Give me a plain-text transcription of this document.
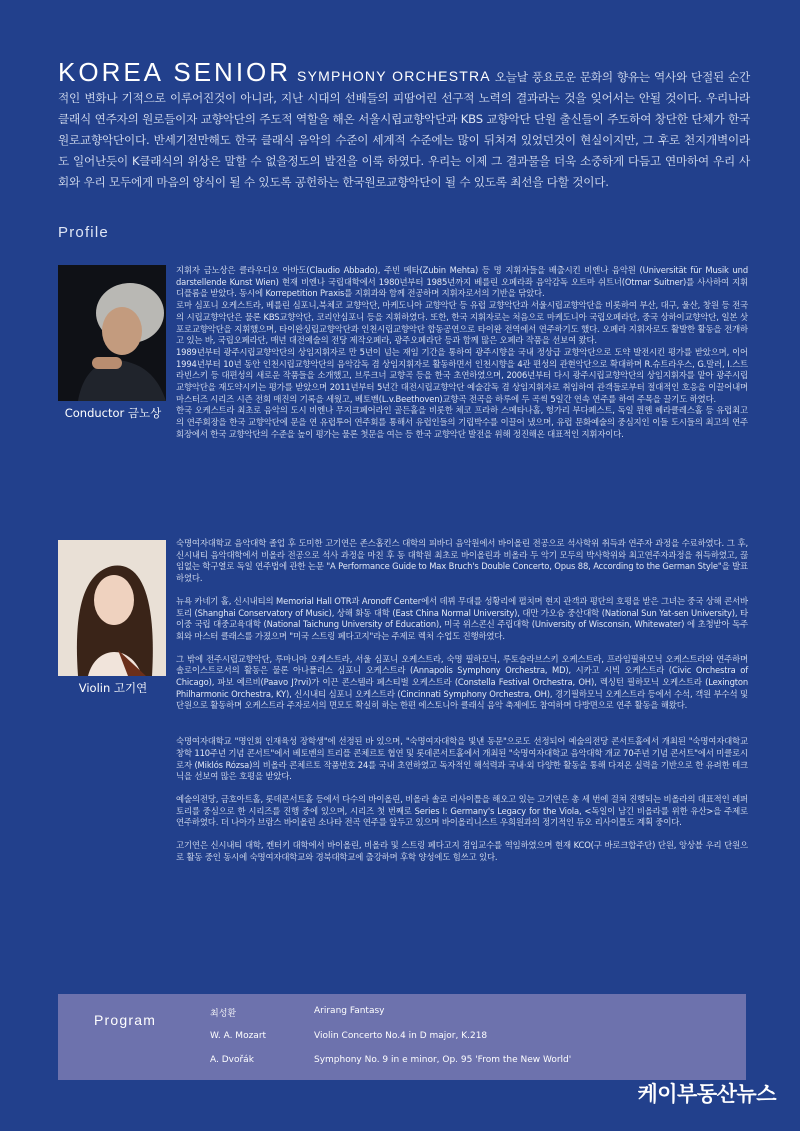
KOREA SENIOR SYMPHONY ORCHESTRA 오늘날 풍요로운 문화의 향유는 역사와 단절된 순간적인 변화나 기적으로 이루어진것이 아니라, 지난 시대의 선배들의 피땀어린 선구적 노력의 결과라는 것을 잊어서는 안될 것이다. 우리나라 클래식 연주자의 원로들이자 교향악단의 주도적 역할을 해온 서울시립교향악단과 KBS 교향악단 단원 출신들이 주도하여 창단한 단체가 한국원로교향악단이다. 반세기전만해도 한국 클래식 음악의 수준이 세계적 수준에는 많이 뒤쳐져 있었던것이 현실이지만, 그 후로 천지개벽이라도 일어난듯이 K클래식의 위상은 말할 수 없을정도의 발전을 이룩 하였다. 우리는 이제 그 결과물을 더욱 소중하게 다듬고 연마하여 우리 사회와 우리 모두에게 마음의 양식이 될 수 있도록 공헌하는 한국원로교향악단이 될 수 있도록 최선을 다할 것이다.
Profile
Conductor 금노상

지휘자 금노상은 클라우디오 아바도(Claudio Abbado), 주빈 메타(Zubin Mehta) 등 명 지휘자들을 배출시킨 비엔나 음악원 (Universität für Musik und darstellende Kunst Wien) 현재 비엔나 국립대학에서 1980년부터 1985년까지 베를린 오페라좌 음악감독 오트마 쉬트너(Otmar Suitner)를 사사하여 지휘 디플롬을 받았다. 동시에 Korrepetition Praxis를 지휘과와 함께 전공하며 지휘자로서의 기반을 닦았다.

로마 심포니 오케스트라, 베를린 심포니,북체코 교향악단, 마케도니아 교향악단 등 유럽 교향악단과 서울시립교향악단을 비롯하여 부산, 대구, 울산, 창원 등 전국의 시립교향악단은 물론 KBS교향악단, 코리안심포니 등을 지휘하였다. 또한, 한국 지휘자로는 처음으로 마케도니아 국립오페라단, 중국 상하이교향악단, 일본 삿포로교향악단을 지휘했으며, 타이완싱립교향악단과 인천시립교향악단 합동공연으로 타이완 전역에서 연주하기도 했다. 오페라 지휘자로도 활발한 활동을 전개하고 있는 바, 국립오페라단, 매년 대전예술의 전당 제작오페라, 광주오페라단 등과 함께 많은 오페라 작품을 선보여 왔다.

1989년부터 광주시립교향악단의 상임지휘자로 만 5년이 넘는 재임 기간을 통하여 광주시향을 국내 정상급 교향악단으로 도약 발전시킨 평가를 받았으며, 이어 1994년부터 10년 동안 인천시립교향악단의 음악감독 겸 상임지휘자로 활동하면서 인천시향을 4관 편성의 관현악단으로 확대하며 R.슈트라우스, G.말러, I.스트라빈스키 등 대편성의 새로운 작품들을 소개했고, 브루크너 교향곡 등을 한국 초연하였으며, 2006년부터 다시 광주시립교향악단의 상임지휘자를 맡아 광주시립교향악단을 재도약시키는 평가를 받았으며 2011년부터 5년간 대전시립교향악단 예술감독 겸 상임지휘자로 취임하여 관객들로부터 절대적인 호응을 이끌어내며 마스터즈 시리즈 시즌 전회 매진의 기록을 세웠고, 베토벤(L.v.Beethoven)교향곡 전곡을 하루에 두 곡씩 5일간 연속 연주를 하여 주목을 끌기도 하였다.

한국 오케스트라 최초로 음악의 도시 비엔나 무지크페어라인 골든홀을 비롯한 체코 프라하 스메타나홀, 헝가리 부다페스트, 독일 뮌헨 헤라클레스홀 등 유럽최고의 연주회장을 한국 교향악단에 문을 연 유럽투어 연주회를 통해서 유럽인들의 기립박수를 이끌어 냈으며, 유럽 문화예술의 중심지인 이들 도시들의 최고의 연주회장에서 한국 교향악단의 수준을 높이 평가는 물론 첫문을 여는 등 한국 교향악단 발전을 위해 정진해온 대표적인 지휘자이다.

Violin 고기연

숙명여자대학교 음악대학 졸업 후 도미한 고기연은 존스홉킨스 대학의 피바디 음악원에서 바이올린 전공으로 석사학위 취득과 연주자 과정을 수료하였다. 그 후, 신시내티 음악대학에서 비올라 전공으로 석사 과정을 마친 후 동 대학원 최초로 바이올린과 비올라 두 악기 모두의 박사학위와 최고연주자과정을 취득하였고, 끊임없는 학구열로 독일 연주법에 관한 논문 "A Performance Guide to Max Bruch's Double Concerto, Opus 88, According to the German Style"을 발표하였다.

뉴욕 카네기 홀, 신시내티의 Memorial Hall OTR과 Aronoff Center에서 데뷔 무대를 성황리에 펼치며 현지 관객과 평단의 호평을 받은 그녀는 중국 상해 콘서바토리 (Shanghai Conservatory of Music), 상해 화동 대학 (East China Normal University), 대만 가오슝 중산대학 (National Sun Yat-sen University), 타이중 국립 대중교육대학 (National Taichung University of Education), 미국 위스콘신 주립대학 (University of Wisconsin, Whitewater) 에 초청받아 독주회와 마스터 클래스를 가졌으며 "미국 스트링 페다고지"라는 주제로 렉처 수업도 진행하였다.

그 밖에 전주시립교향악단, 루마니아 오케스트라, 서울 심포니 오케스트라, 숙명 필하모닉, 루토슬라브스키 오케스트라, 프라임필하모닉 오케스트라와 연주하며 솔로이스트로서의 활동은 물론 아나폴리스 심포니 오케스트라 (Annapolis Symphony Orchestra, MD), 시카고 시빅 오케스트라 (Civic Orchestra of Chicago), 파보 예르비(Paavo J?rvi)가 이끈 콘스텔라 페스티벌 오케스트라 (Constella Festival Orchestra, OH), 렉싱턴 필하모닉 오케스트라 (Lexington Philharmonic Orchestra, KY), 신시내티 심포니 오케스트라 (Cincinnati Symphony Orchestra, OH), 경기필하모닉 오케스트라 등에서 수석, 객원 부수석 및 단원으로 활동하며 오케스트라 주자로서의 면모도 확실히 하는 한편 에스토니아 클래식 음악 축제에도 참여하며 다방면으로 연주 활동을 해왔다.

숙명여자대학교 "명인회 인재육성 장학생"에 선정된 바 있으며, "숙명여자대학을 빛낸 동문"으로도 선정되어 예술의전당 콘서트홀에서 개최된 "숙명여자대학교 창학 110주년 기념 콘서트"에서 베토벤의 트리플 콘체르토 협연 및 롯데콘서트홀에서 개최된 "숙명여자대학교 음악대학 개교 70주년 기념 콘서트"에서 미클로시 로자 (Miklós Rózsa)의 비올라 콘체르토 작품번호 24를 국내 초연하였고 독자적인 해석력과 국내·외 다양한 활동을 통해 다져온 실력을 기반으로 한 유려한 테크닉을 선보여 많은 호평을 받았다.

예술의전당, 금호아트홀, 롯데콘서트홀 등에서 다수의 바이올린, 비올라 솔로 리사이틀을 해오고 있는 고기연은 총 세 번에 걸쳐 진행되는 비올라의 대표적인 레퍼토리를 중심으로 한 시리즈를 진행 중에 있으며, 시리즈 첫 번째로 Series I: Germany's Legacy for the Viola, <독일이 남긴 비올라를 위한 유산>을 주제로 연주하였다. 더 나아가 브람스 바이올린 소나타 전곡 연주를 앞두고 있으며 바이올리니스트 우희원과의 정기적인 듀오 리사이틀도 계획 중이다.

고기연은 신시내티 대학, 켄터키 대학에서 바이올린, 비올라 및 스트링 페다고지 겸임교수를 역임하였으며 현재 KCO(구 바로크합주단) 단원, 앙상블 우리 단원으로 활동 중인 동시에 숙명여자대학교와 경북대학교에 출강하며 후학 양성에도 힘쓰고 있다.

Program	최성환	Arirang Fantasy
W. A. Mozart	Violin Concerto No.4 in D major, K.218
A. Dvořák	Symphony No. 9 in e minor, Op. 95 'From the New World'
케이부동산뉴스
